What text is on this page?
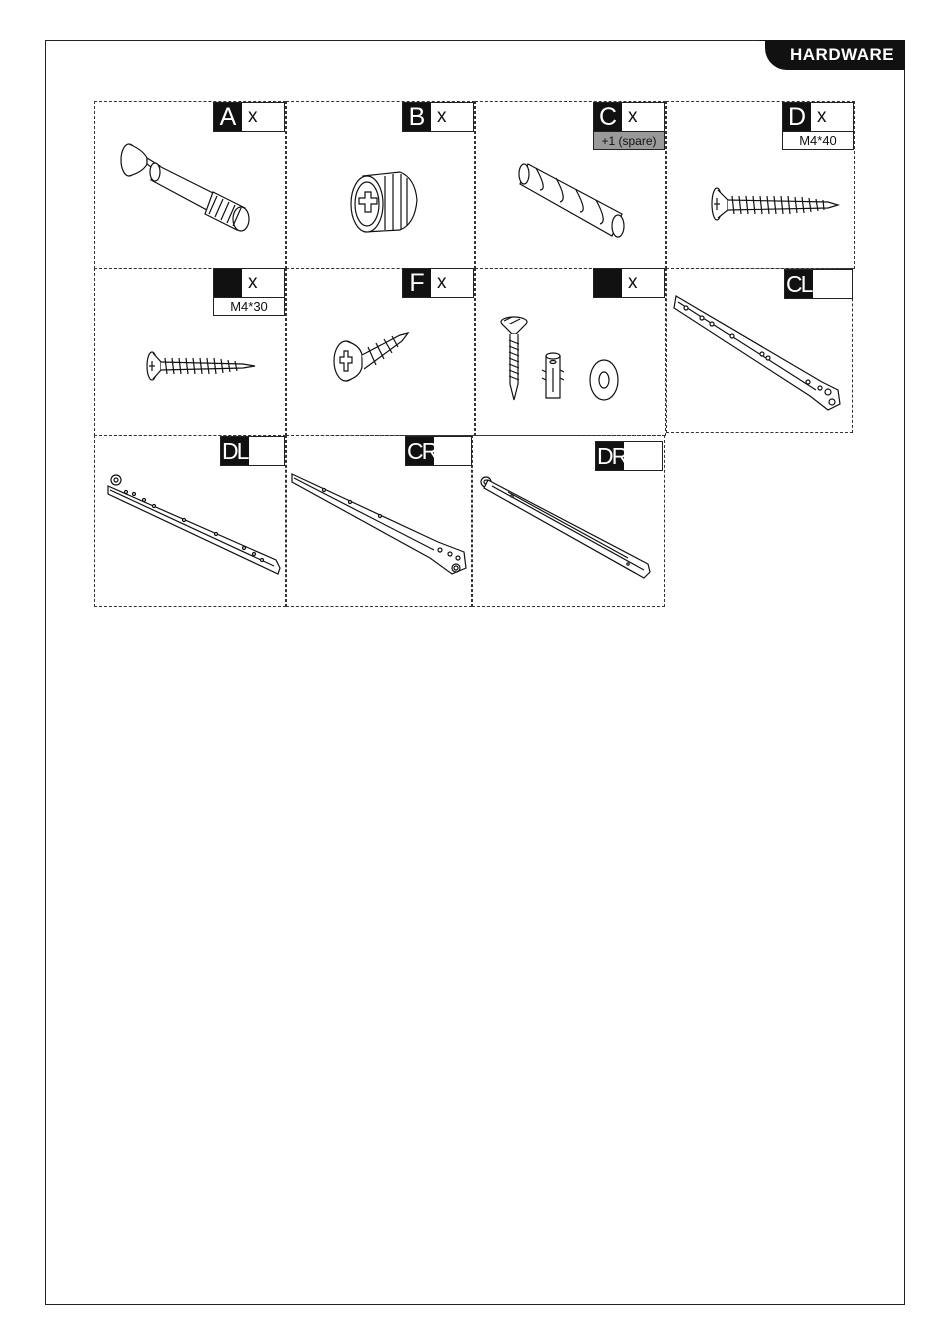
HARDWARE
A x	B x	C x
+1 (spare)
D x
M4*40
x
M4*30
F x	x	CL
DL	CR	DR
